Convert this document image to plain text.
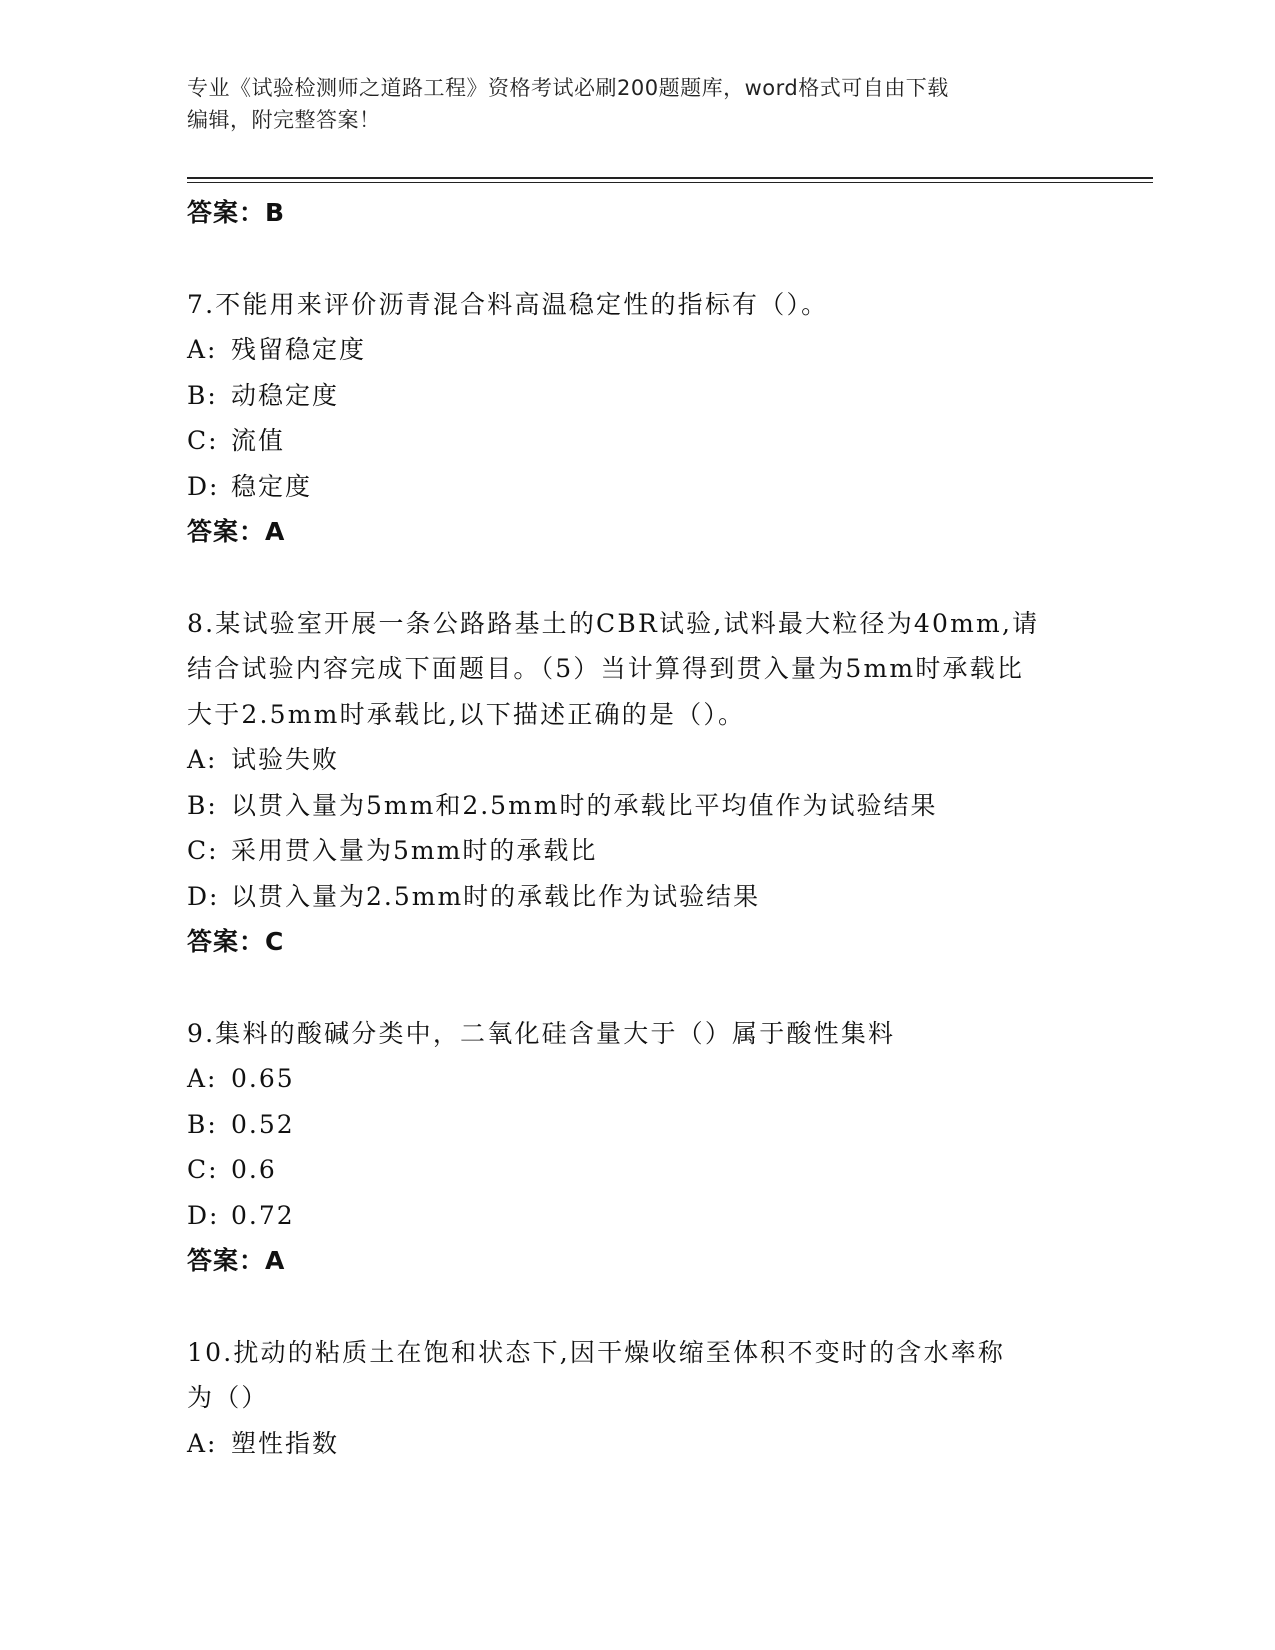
专业《试验检测师之道路工程》资格考试必刷200题题库，word格式可自由下载
编辑，附完整答案！
答案：B
7.不能用来评价沥青混合料高温稳定性的指标有（）。
A: 残留稳定度
B: 动稳定度
C: 流值
D: 稳定度
答案：A
8.某试验室开展一条公路路基土的CBR试验,试料最大粒径为40mm,请
结合试验内容完成下面题目。（5）当计算得到贯入量为5mm时承载比
大于2.5mm时承载比,以下描述正确的是（）。
A: 试验失败
B: 以贯入量为5mm和2.5mm时的承载比平均值作为试验结果
C: 采用贯入量为5mm时的承载比
D: 以贯入量为2.5mm时的承载比作为试验结果
答案：C
9.集料的酸碱分类中，二氧化硅含量大于（）属于酸性集料
A: 0.65
B: 0.52
C: 0.6
D: 0.72
答案：A
10.扰动的粘质土在饱和状态下,因干燥收缩至体积不变时的含水率称
为（）
A: 塑性指数
